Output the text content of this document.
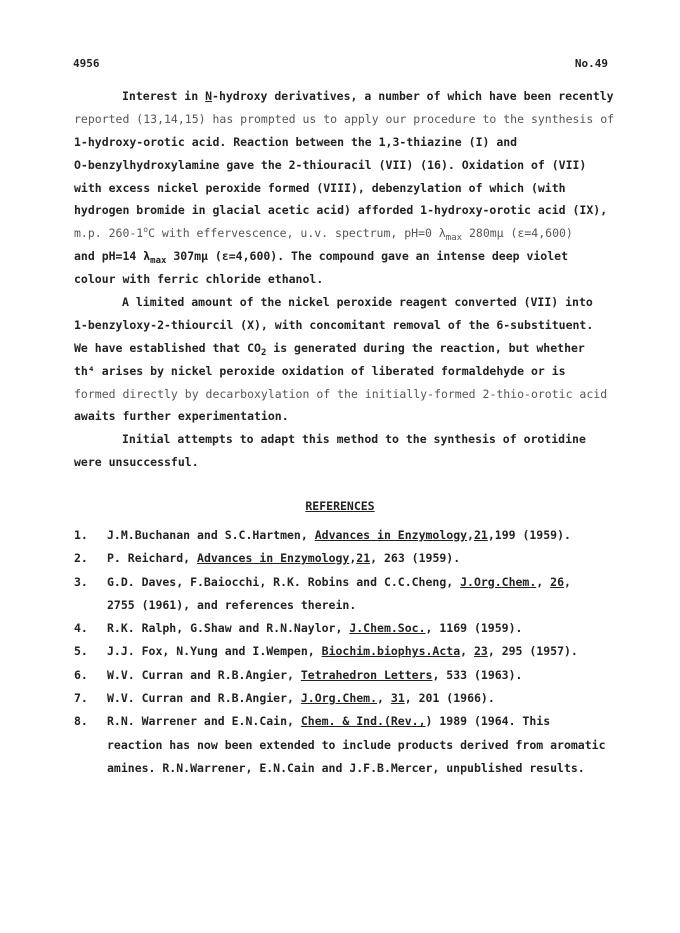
4956	No.49
Interest in N-hydroxy derivatives, a number of which have been recently
reported (13,14,15) has prompted us to apply our procedure to the synthesis of
1-hydroxy-orotic acid. Reaction between the 1,3-thiazine (I) and
O-benzylhydroxylamine gave the 2-thiouracil (VII) (16). Oxidation of (VII)
with excess nickel peroxide formed (VIII), debenzylation of which (with
hydrogen bromide in glacial acetic acid) afforded 1-hydroxy-orotic acid (IX),
m.p. 260-1$^o$C with effervescence, u.v. spectrum, pH=0 $\lambda_{max}$ 280mμ (ε=4,600)
and pH=14 $\lambda_{max}$ 307mμ (ε=4,600). The compound gave an intense deep violet
colour with ferric chloride ethanol.
A limited amount of the nickel peroxide reagent converted (VII) into
1-benzyloxy-2-thiourcil (X), with concomitant removal of the 6-substituent.
We have established that $CO_2$ is generated during the reaction, but whether
th⁴ arises by nickel peroxide oxidation of liberated formaldehyde or is
formed directly by decarboxylation of the initially-formed 2-thio-orotic acid
awaits further experimentation.
Initial attempts to adapt this method to the synthesis of orotidine
were unsuccessful.
REFERENCES
1.	J.M.Buchanan and S.C.Hartmen, Advances in Enzymology,21,199 (1959).
2.	P. Reichard, Advances in Enzymology,21, 263 (1959).
3.	G.D. Daves, F.Baiocchi, R.K. Robins and C.C.Cheng, J.Org.Chem., 26,
2755 (1961), and references therein.
4.	R.K. Ralph, G.Shaw and R.N.Naylor, J.Chem.Soc., 1169 (1959).
5.	J.J. Fox, N.Yung and I.Wempen, Biochim.biophys.Acta, 23, 295 (1957).
6.	W.V. Curran and R.B.Angier, Tetrahedron Letters, 533 (1963).
7.	W.V. Curran and R.B.Angier, J.Org.Chem., 31, 201 (1966).
8.	R.N. Warrener and E.N.Cain, Chem. & Ind.(Rev.,) 1989 (1964. This
reaction has now been extended to include products derived from aromatic
amines. R.N.Warrener, E.N.Cain and J.F.B.Mercer, unpublished results.
